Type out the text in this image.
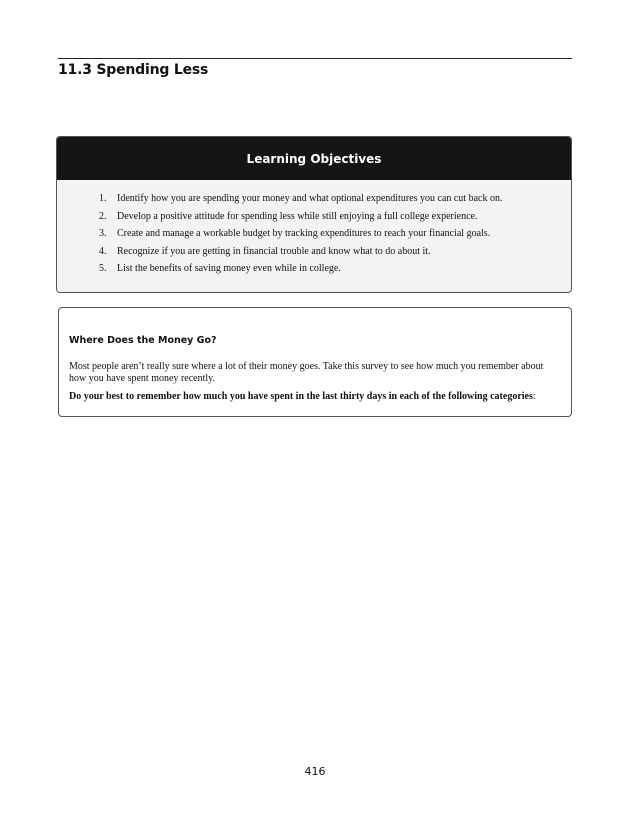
11.3 Spending Less
Learning Objectives
1.	Identify how you are spending your money and what optional expenditures you can cut back on.
2.	Develop a positive attitude for spending less while still enjoying a full college experience.
3.	Create and manage a workable budget by tracking expenditures to reach your financial goals.
4.	Recognize if you are getting in financial trouble and know what to do about it.
5.	List the benefits of saving money even while in college.
Where Does the Money Go?

Most people aren’t really sure where a lot of their money goes. Take this survey to see how much you remember about how you have spent money recently.

Do your best to remember how much you have spent in the last thirty days in each of the following categories:

416
